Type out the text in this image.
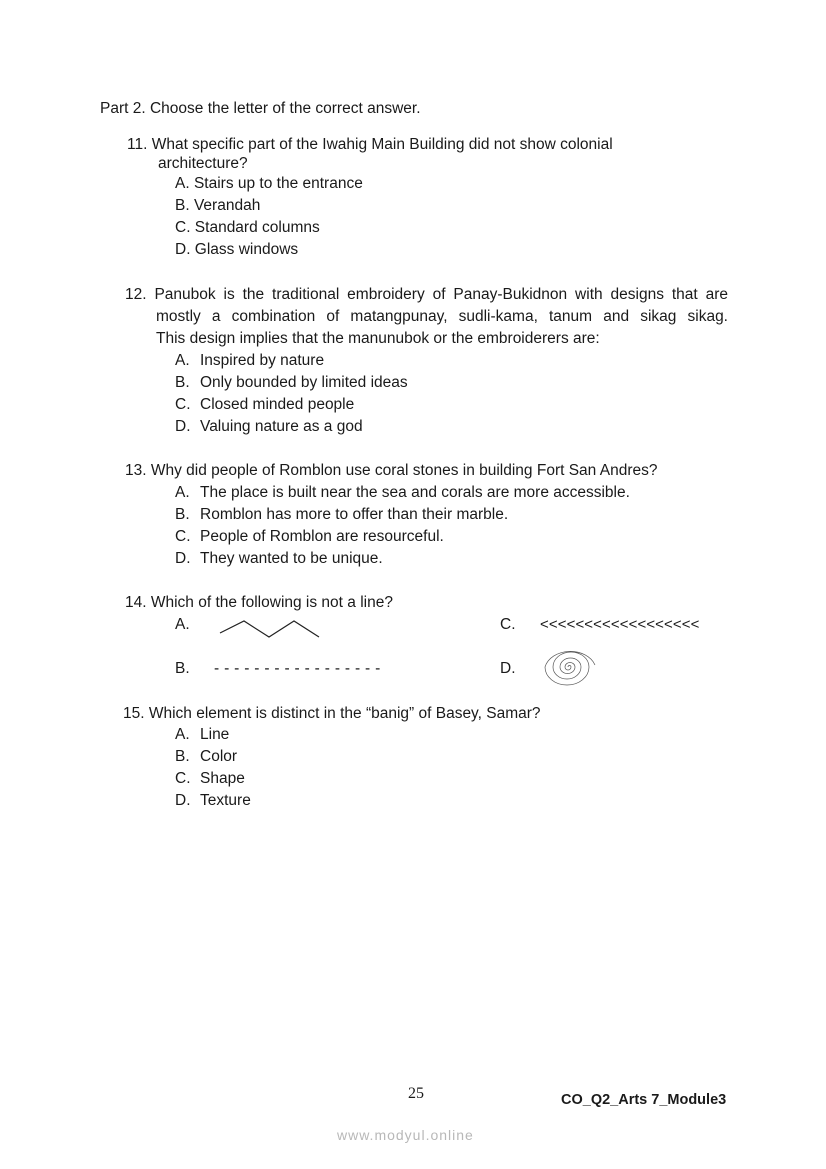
Part 2. Choose the letter of the correct answer.
11. What specific part of the Iwahig Main Building did not show colonial
architecture?
A. Stairs up to the entrance
B. Verandah
C. Standard columns
D. Glass windows
12. Panubok is the traditional embroidery of Panay-Bukidnon with designs that are
mostly a combination of matangpunay, sudli-kama, tanum and sikag sikag.
This design implies that the manunubok or the embroiderers are:
A. Inspired by nature
B. Only bounded by limited ideas
C. Closed minded people
D. Valuing nature as a god
13. Why did people of Romblon use coral stones in building Fort San Andres?
A. The place is built near the sea and corals are more accessible.
B. Romblon has more to offer than their marble.
C. People of Romblon are resourceful.
D. They wanted to be unique.
14. Which of the following is not a line?
A.	C. <<<<<<<<<<<<<<<<<<
B. - - - - - - - - - - - - - - - - -	D.
15. Which element is distinct in the “banig” of Basey, Samar?
A. Line
B. Color
C. Shape
D. Texture
25	CO_Q2_Arts 7_Module3
www.modyul.online
